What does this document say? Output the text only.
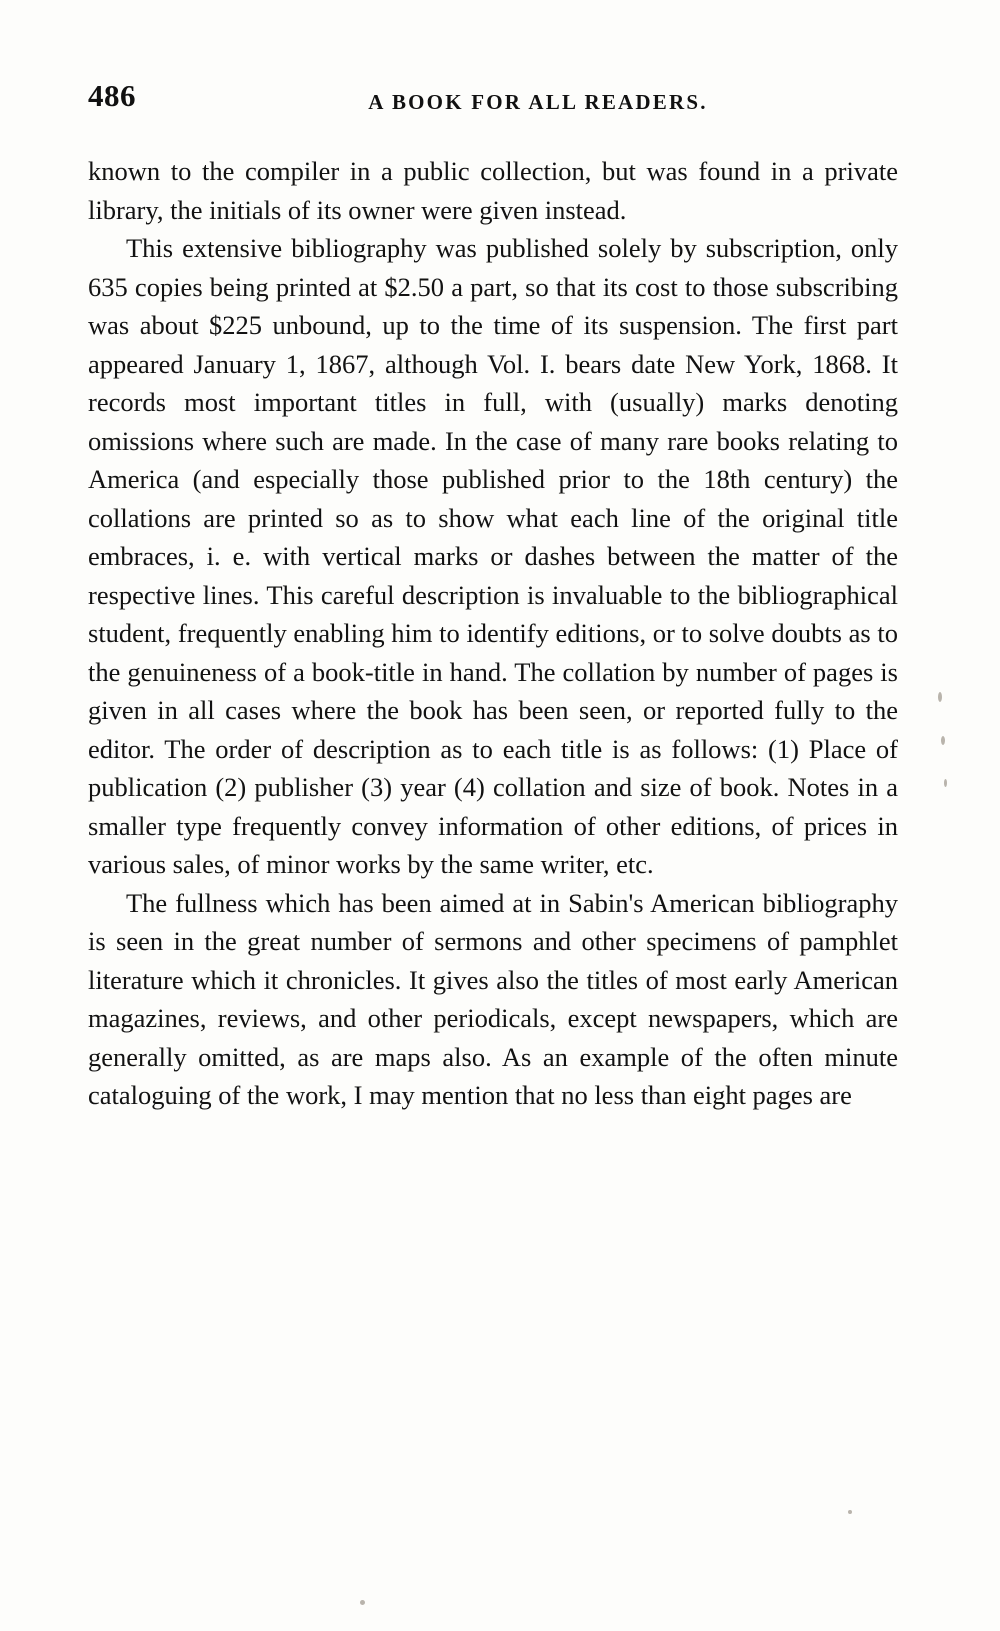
486	A BOOK FOR ALL READERS.

known to the compiler in a public collection, but was found in a private library, the initials of its owner were given instead.

This extensive bibliography was published solely by subscription, only 635 copies being printed at $2.50 a part, so that its cost to those subscribing was about $225 unbound, up to the time of its suspension. The first part appeared January 1, 1867, although Vol. I. bears date New York, 1868. It records most important titles in full, with (usually) marks denoting omissions where such are made. In the case of many rare books relating to America (and especially those published prior to the 18th century) the collations are printed so as to show what each line of the original title embraces, i. e. with vertical marks or dashes between the matter of the respective lines. This careful description is invaluable to the bibliographical student, frequently enabling him to identify editions, or to solve doubts as to the genuineness of a book-title in hand. The collation by number of pages is given in all cases where the book has been seen, or reported fully to the editor. The order of description as to each title is as follows: (1) Place of publication (2) publisher (3) year (4) collation and size of book. Notes in a smaller type frequently convey information of other editions, of prices in various sales, of minor works by the same writer, etc.

The fullness which has been aimed at in Sabin's American bibliography is seen in the great number of sermons and other specimens of pamphlet literature which it chronicles. It gives also the titles of most early American magazines, reviews, and other periodicals, except newspapers, which are generally omitted, as are maps also. As an example of the often minute cataloguing of the work, I may mention that no less than eight pages are
